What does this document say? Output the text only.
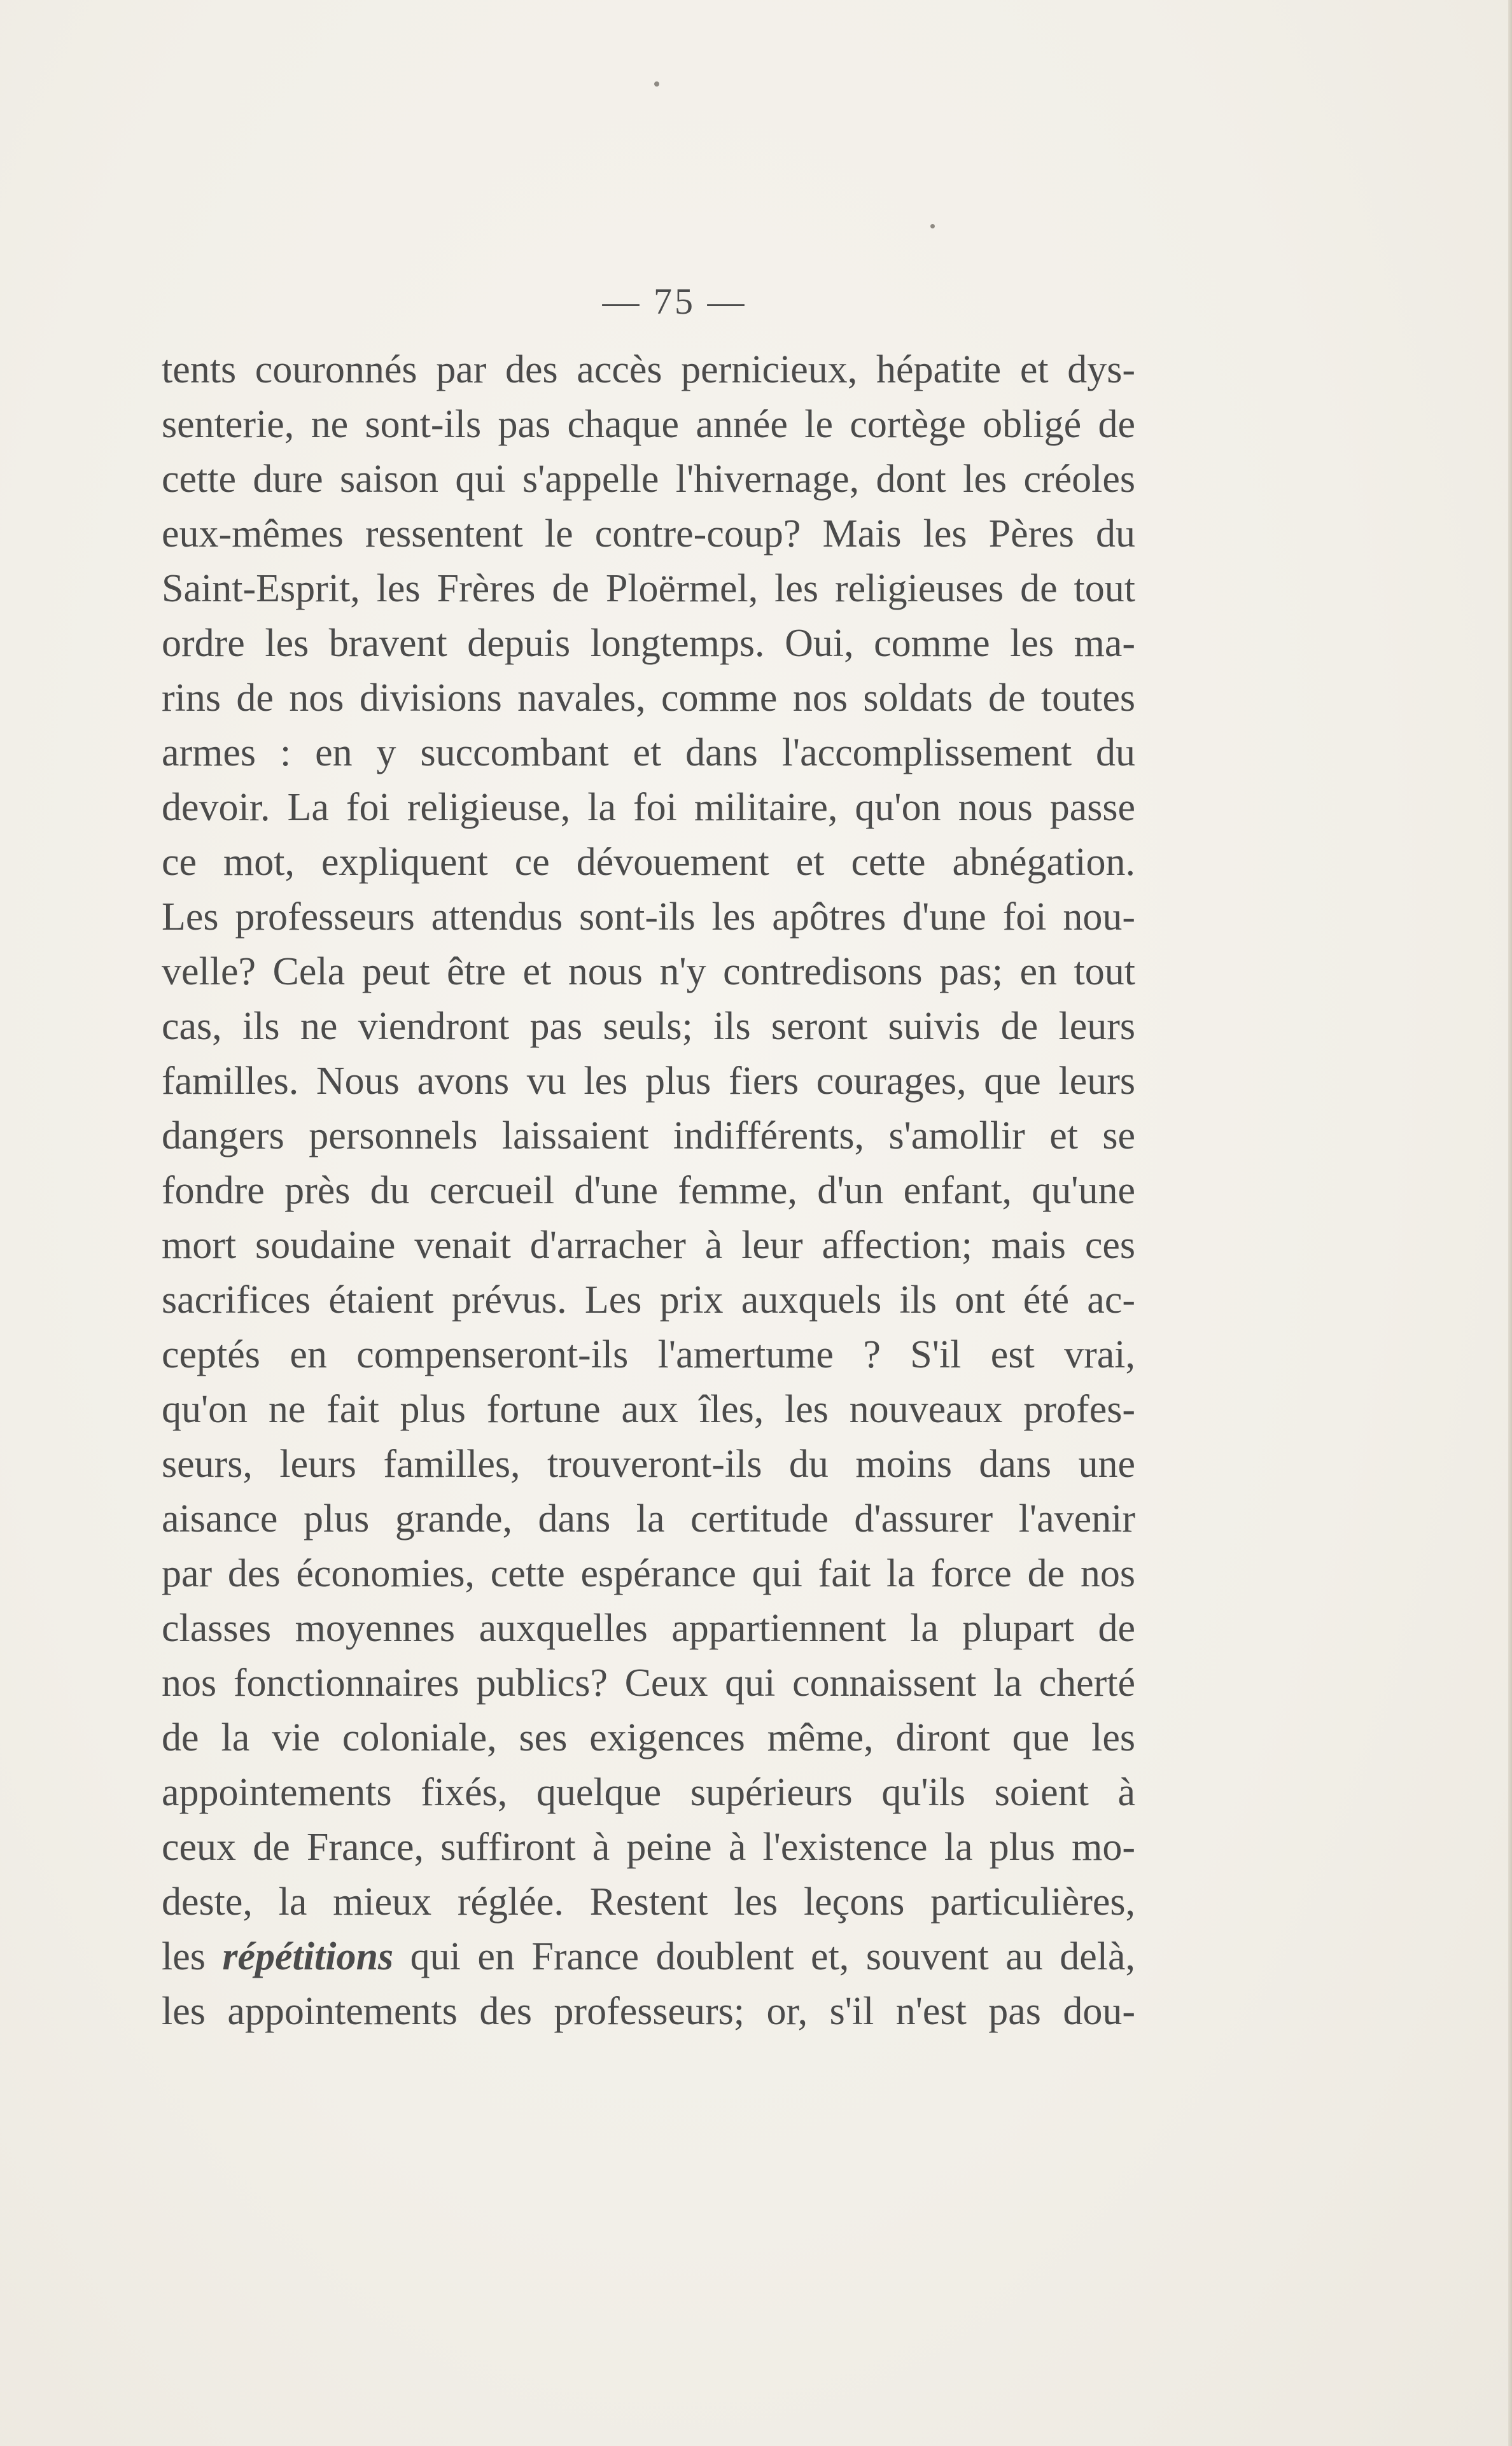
— 75 —
tents couronnés par des accès pernicieux, hépatite et dys-
senterie, ne sont-ils pas chaque année le cortège obligé de
cette dure saison qui s'appelle l'hivernage, dont les créoles
eux-mêmes ressentent le contre-coup? Mais les Pères du
Saint-Esprit, les Frères de Ploërmel, les religieuses de tout
ordre les bravent depuis longtemps. Oui, comme les ma-
rins de nos divisions navales, comme nos soldats de toutes
armes : en y succombant et dans l'accomplissement du
devoir. La foi religieuse, la foi militaire, qu'on nous passe
ce mot, expliquent ce dévouement et cette abnégation.
Les professeurs attendus sont-ils les apôtres d'une foi nou-
velle? Cela peut être et nous n'y contredisons pas; en tout
cas, ils ne viendront pas seuls; ils seront suivis de leurs
familles. Nous avons vu les plus fiers courages, que leurs
dangers personnels laissaient indifférents, s'amollir et se
fondre près du cercueil d'une femme, d'un enfant, qu'une
mort soudaine venait d'arracher à leur affection; mais ces
sacrifices étaient prévus. Les prix auxquels ils ont été ac-
ceptés en compenseront-ils l'amertume ? S'il est vrai,
qu'on ne fait plus fortune aux îles, les nouveaux profes-
seurs, leurs familles, trouveront-ils du moins dans une
aisance plus grande, dans la certitude d'assurer l'avenir
par des économies, cette espérance qui fait la force de nos
classes moyennes auxquelles appartiennent la plupart de
nos fonctionnaires publics? Ceux qui connaissent la cherté
de la vie coloniale, ses exigences même, diront que les
appointements fixés, quelque supérieurs qu'ils soient à
ceux de France, suffiront à peine à l'existence la plus mo-
deste, la mieux réglée. Restent les leçons particulières,
les répétitions qui en France doublent et, souvent au delà,
les appointements des professeurs; or, s'il n'est pas dou-
